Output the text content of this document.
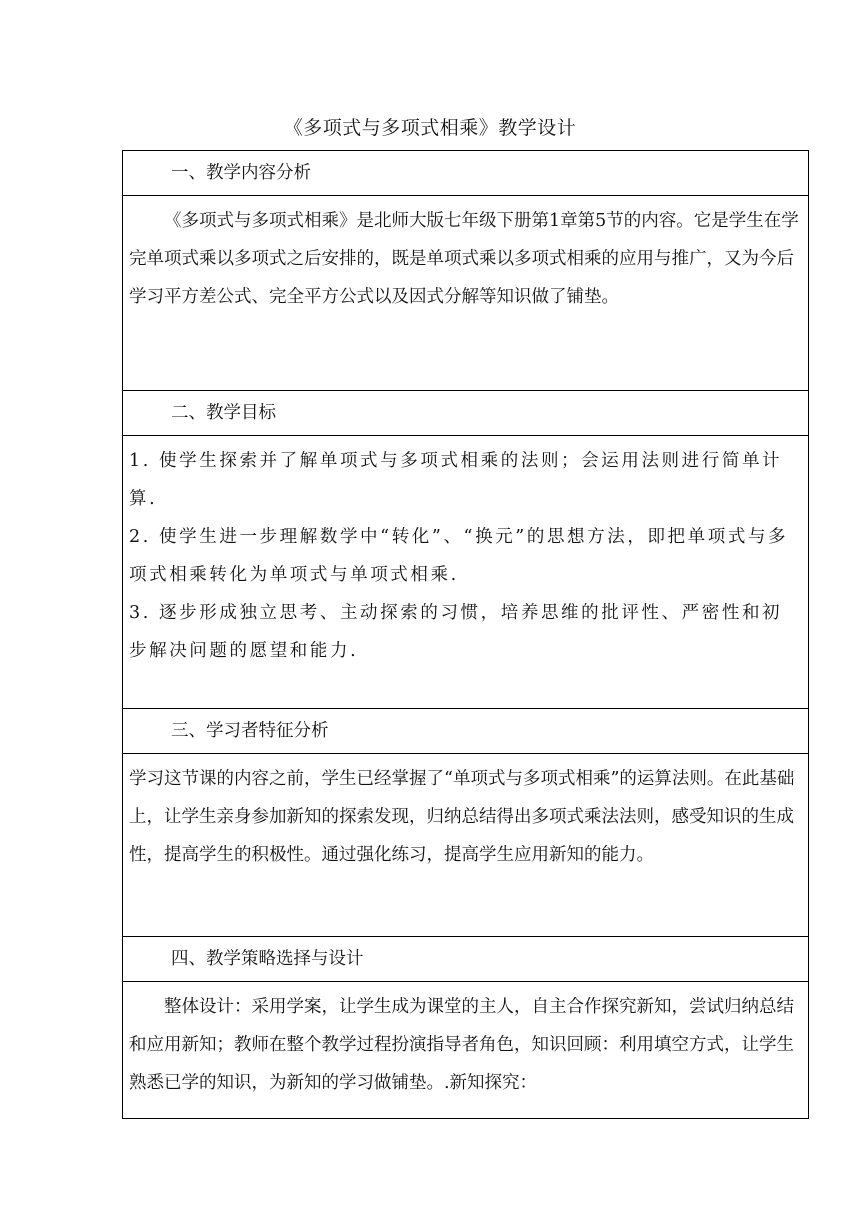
《多项式与多项式相乘》教学设计
一、教学内容分析

《多项式与多项式相乘》是北师大版七年级下册第1章第5节的内容。它是学生在学完单项式乘以多项式之后安排的，既是单项式乘以多项式相乘的应用与推广，又为今后学习平方差公式、完全平方公式以及因式分解等知识做了铺垫。

二、教学目标

1. 使学生探索并了解单项式与多项式相乘的法则；会运用法则进行简单计算.

2. 使学生进一步理解数学中“转化”、“换元”的思想方法，即把单项式与多项式相乘转化为单项式与单项式相乘.

3. 逐步形成独立思考、主动探索的习惯，培养思维的批评性、严密性和初步解决问题的愿望和能力.

三、学习者特征分析

学习这节课的内容之前，学生已经掌握了“单项式与多项式相乘”的运算法则。在此基础上，让学生亲身参加新知的探索发现，归纳总结得出多项式乘法法则，感受知识的生成性，提高学生的积极性。通过强化练习，提高学生应用新知的能力。

四、教学策略选择与设计

整体设计：采用学案，让学生成为课堂的主人，自主合作探究新知，尝试归纳总结和应用新知；教师在整个教学过程扮演指导者角色，知识回顾：利用填空方式，让学生熟悉已学的知识，为新知的学习做铺垫。.新知探究：
